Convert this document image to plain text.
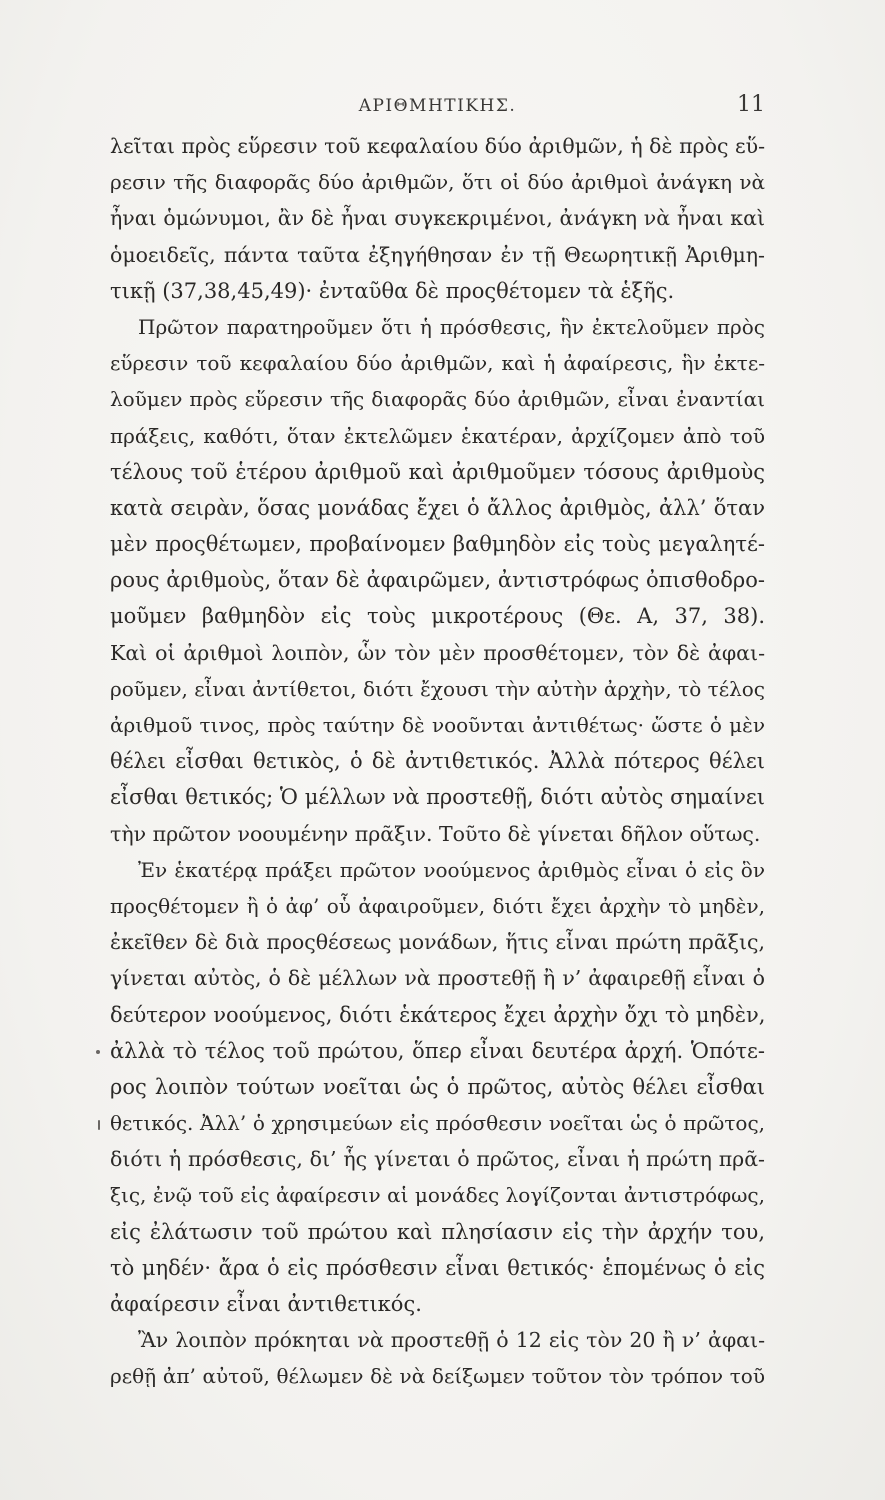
ΑΡΙΘΜΗΤΙΚΗΣ.	11
λεῖται πρὸς εὕρεσιν τοῦ κεφαλαίου δύο ἀριθμῶν, ἡ δὲ πρὸς εὕ-
ρεσιν τῆς διαφορᾶς δύο ἀριθμῶν, ὅτι οἱ δύο ἀριθμοὶ ἀνάγκη νὰ
ἦναι ὁμώνυμοι, ἂν δὲ ἦναι συγκεκριμένοι, ἀνάγκη νὰ ἦναι καὶ
ὁμοειδεῖς, πάντα ταῦτα ἐξηγήθησαν ἐν τῇ Θεωρητικῇ Ἀριθμη-
τικῇ (37,38,45,49)· ἐνταῦθα δὲ προςθέτομεν τὰ ἑξῆς.
Πρῶτον παρατηροῦμεν ὅτι ἡ πρόσθεσις, ἣν ἐκτελοῦμεν πρὸς
εὕρεσιν τοῦ κεφαλαίου δύο ἀριθμῶν, καὶ ἡ ἀφαίρεσις, ἣν ἐκτε-
λοῦμεν πρὸς εὕρεσιν τῆς διαφορᾶς δύο ἀριθμῶν, εἶναι ἐναντίαι
πράξεις, καθότι, ὅταν ἐκτελῶμεν ἑκατέραν, ἀρχίζομεν ἀπὸ τοῦ
τέλους τοῦ ἑτέρου ἀριθμοῦ καὶ ἀριθμοῦμεν τόσους ἀριθμοὺς
κατὰ σειρὰν, ὅσας μονάδας ἔχει ὁ ἄλλος ἀριθμὸς, ἀλλ’ ὅταν
μὲν προςθέτωμεν, προβαίνομεν βαθμηδὸν εἰς τοὺς μεγαλητέ-
ρους ἀριθμοὺς, ὅταν δὲ ἀφαιρῶμεν, ἀντιστρόφως ὀπισθοδρο-
μοῦμεν βαθμηδὸν εἰς τοὺς μικροτέρους (Θε. Α, 37, 38).
Καὶ οἱ ἀριθμοὶ λοιπὸν, ὧν τὸν μὲν προσθέτομεν, τὸν δὲ ἀφαι-
ροῦμεν, εἶναι ἀντίθετοι, διότι ἔχουσι τὴν αὐτὴν ἀρχὴν, τὸ τέλος
ἀριθμοῦ τινος, πρὸς ταύτην δὲ νοοῦνται ἀντιθέτως· ὥστε ὁ μὲν
θέλει εἶσθαι θετικὸς, ὁ δὲ ἀντιθετικός. Ἀλλὰ πότερος θέλει
εἶσθαι θετικός; Ὁ μέλλων νὰ προστεθῇ, διότι αὐτὸς σημαίνει
τὴν πρῶτον νοουμένην πρᾶξιν. Τοῦτο δὲ γίνεται δῆλον οὕτως.
Ἐν ἑκατέρᾳ πράξει πρῶτον νοούμενος ἀριθμὸς εἶναι ὁ εἰς ὃν
προςθέτομεν ἢ ὁ ἀφ’ οὗ ἀφαιροῦμεν, διότι ἔχει ἀρχὴν τὸ μηδὲν,
ἐκεῖθεν δὲ διὰ προςθέσεως μονάδων, ἥτις εἶναι πρώτη πρᾶξις,
γίνεται αὐτὸς, ὁ δὲ μέλλων νὰ προστεθῇ ἢ ν’ ἀφαιρεθῇ εἶναι ὁ
δεύτερον νοούμενος, διότι ἑκάτερος ἔχει ἀρχὴν ὄχι τὸ μηδὲν,
ἀλλὰ τὸ τέλος τοῦ πρώτου, ὅπερ εἶναι δευτέρα ἀρχή. Ὁπότε-
ρος λοιπὸν τούτων νοεῖται ὡς ὁ πρῶτος, αὐτὸς θέλει εἶσθαι
θετικός. Ἀλλ’ ὁ χρησιμεύων εἰς πρόσθεσιν νοεῖται ὡς ὁ πρῶτος,
διότι ἡ πρόσθεσις, δι’ ἧς γίνεται ὁ πρῶτος, εἶναι ἡ πρώτη πρᾶ-
ξις, ἐνῷ τοῦ εἰς ἀφαίρεσιν αἱ μονάδες λογίζονται ἀντιστρόφως,
εἰς ἐλάτωσιν τοῦ πρώτου καὶ πλησίασιν εἰς τὴν ἀρχήν του,
τὸ μηδέν· ἄρα ὁ εἰς πρόσθεσιν εἶναι θετικός· ἑπομένως ὁ εἰς
ἀφαίρεσιν εἶναι ἀντιθετικός.
Ἂν λοιπὸν πρόκηται νὰ προστεθῇ ὁ 12 εἰς τὸν 20 ἢ ν’ ἀφαι-
ρεθῇ ἀπ’ αὐτοῦ, θέλωμεν δὲ νὰ δείξωμεν τοῦτον τὸν τρόπον τοῦ
